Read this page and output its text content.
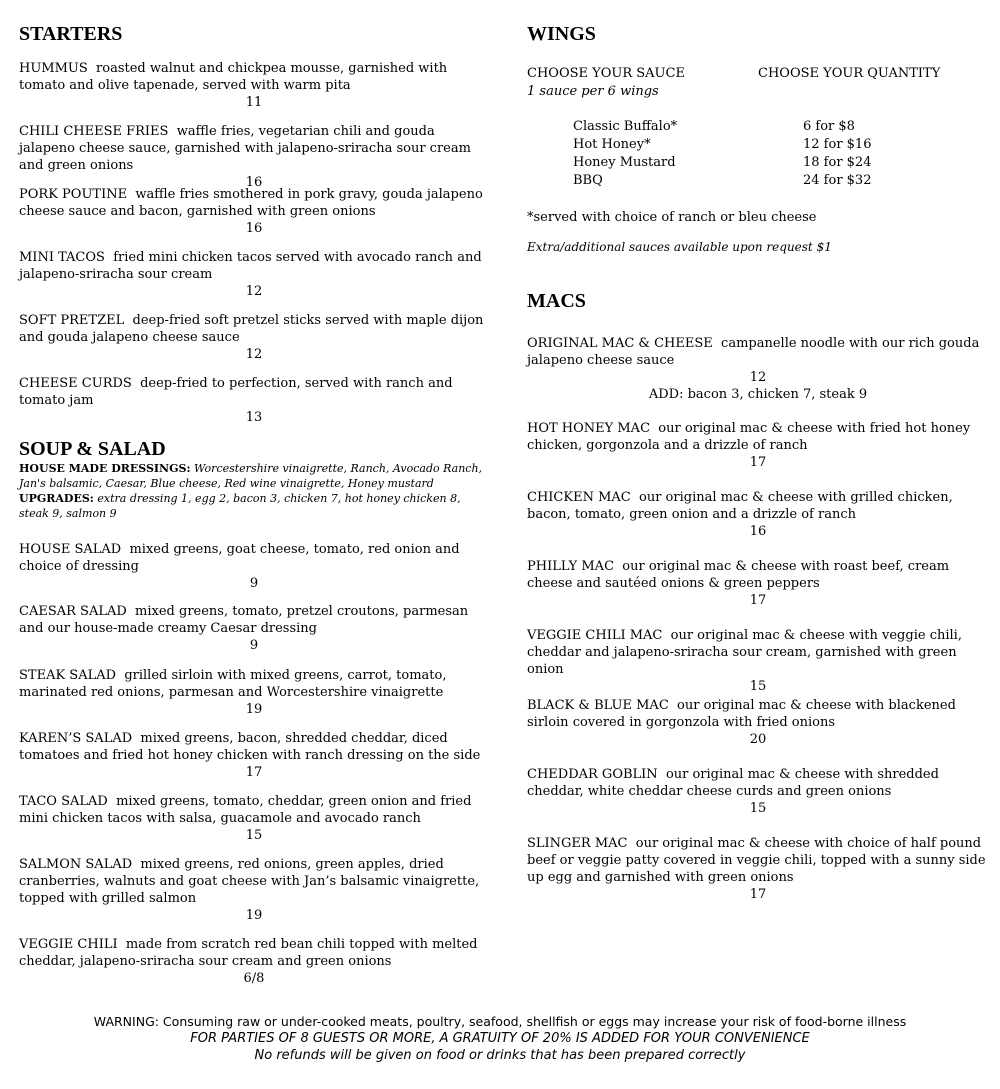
STARTERS
HUMMUS roasted walnut and chickpea mousse, garnished with tomato and olive tapenade, served with warm pita
11
CHILI CHEESE FRIES waffle fries, vegetarian chili and gouda jalapeno cheese sauce, garnished with jalapeno-sriracha sour cream and green onions
16
PORK POUTINE waffle fries smothered in pork gravy, gouda jalapeno cheese sauce and bacon, garnished with green onions
16
MINI TACOS fried mini chicken tacos served with avocado ranch and jalapeno-sriracha sour cream
12
SOFT PRETZEL deep-fried soft pretzel sticks served with maple dijon and gouda jalapeno cheese sauce
12
CHEESE CURDS deep-fried to perfection, served with ranch and tomato jam
13
SOUP & SALAD
HOUSE MADE DRESSINGS: Worcestershire vinaigrette, Ranch, Avocado Ranch, Jan's balsamic, Caesar, Blue cheese, Red wine vinaigrette, Honey mustard
UPGRADES: extra dressing 1, egg 2, bacon 3, chicken 7, hot honey chicken 8, steak 9, salmon 9
HOUSE SALAD mixed greens, goat cheese, tomato, red onion and choice of dressing
9
CAESAR SALAD mixed greens, tomato, pretzel croutons, parmesan and our house-made creamy Caesar dressing
9
STEAK SALAD grilled sirloin with mixed greens, carrot, tomato, marinated red onions, parmesan and Worcestershire vinaigrette
19
KAREN’S SALAD mixed greens, bacon, shredded cheddar, diced tomatoes and fried hot honey chicken with ranch dressing on the side
17
TACO SALAD mixed greens, tomato, cheddar, green onion and fried mini chicken tacos with salsa, guacamole and avocado ranch
15
SALMON SALAD mixed greens, red onions, green apples, dried cranberries, walnuts and goat cheese with Jan’s balsamic vinaigrette, topped with grilled salmon
19
VEGGIE CHILI made from scratch red bean chili topped with melted cheddar, jalapeno-sriracha sour cream and green onions
6/8
WINGS
CHOOSE YOUR SAUCE	CHOOSE YOUR QUANTITY
1 sauce per 6 wings
Classic Buffalo*	6 for $8
Hot Honey*	12 for $16
Honey Mustard	18 for $24
BBQ	24 for $32
*served with choice of ranch or bleu cheese
Extra/additional sauces available upon request $1
MACS
ORIGINAL MAC & CHEESE campanelle noodle with our rich gouda jalapeno cheese sauce
12
ADD: bacon 3, chicken 7, steak 9
HOT HONEY MAC our original mac & cheese with fried hot honey chicken, gorgonzola and a drizzle of ranch
17
CHICKEN MAC our original mac & cheese with grilled chicken, bacon, tomato, green onion and a drizzle of ranch
16
PHILLY MAC our original mac & cheese with roast beef, cream cheese and sautéed onions & green peppers
17
VEGGIE CHILI MAC our original mac & cheese with veggie chili, cheddar and jalapeno-sriracha sour cream, garnished with green onion
15
BLACK & BLUE MAC our original mac & cheese with blackened sirloin covered in gorgonzola with fried onions
20
CHEDDAR GOBLIN our original mac & cheese with shredded cheddar, white cheddar cheese curds and green onions
15
SLINGER MAC our original mac & cheese with choice of half pound beef or veggie patty covered in veggie chili, topped with a sunny side up egg and garnished with green onions
17
WARNING: Consuming raw or under-cooked meats, poultry, seafood, shellfish or eggs may increase your risk of food-borne illness
FOR PARTIES OF 8 GUESTS OR MORE, A GRATUITY OF 20% IS ADDED FOR YOUR CONVENIENCE
No refunds will be given on food or drinks that has been prepared correctly
